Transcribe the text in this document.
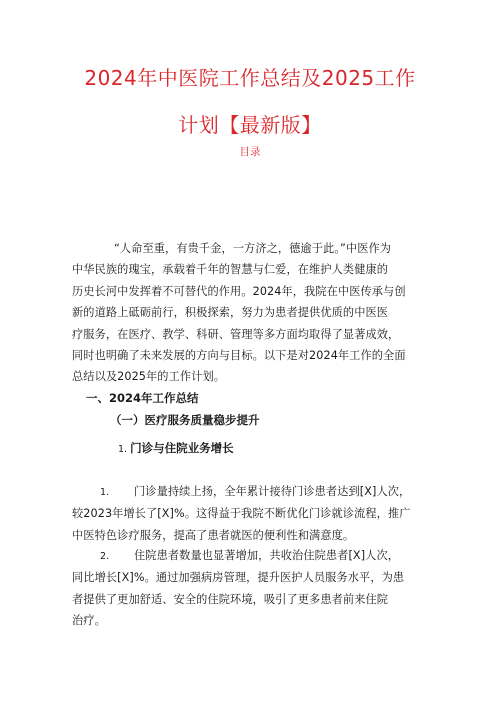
2024年中医院工作总结及2025工作
计划【最新版】
目录
“人命至重，有贵千金，一方济之，德逾于此。”中医作为
中华民族的瑰宝，承载着千年的智慧与仁爱，在维护人类健康的
历史长河中发挥着不可替代的作用。2024年，我院在中医传承与创
新的道路上砥砺前行，积极探索，努力为患者提供优质的中医医
疗服务，在医疗、教学、科研、管理等多方面均取得了显著成效，
同时也明确了未来发展的方向与目标。以下是对2024年工作的全面
总结以及2025年的工作计划。
一、2024年工作总结
（一）医疗服务质量稳步提升
1. 门诊与住院业务增长
1. 门诊量持续上扬，全年累计接待门诊患者达到[X]人次，
较2023年增长了[X]%。这得益于我院不断优化门诊就诊流程，推广
中医特色诊疗服务，提高了患者就医的便利性和满意度。
2. 住院患者数量也显著增加，共收治住院患者[X]人次，
同比增长[X]%。通过加强病房管理，提升医护人员服务水平，为患
者提供了更加舒适、安全的住院环境，吸引了更多患者前来住院
治疗。
